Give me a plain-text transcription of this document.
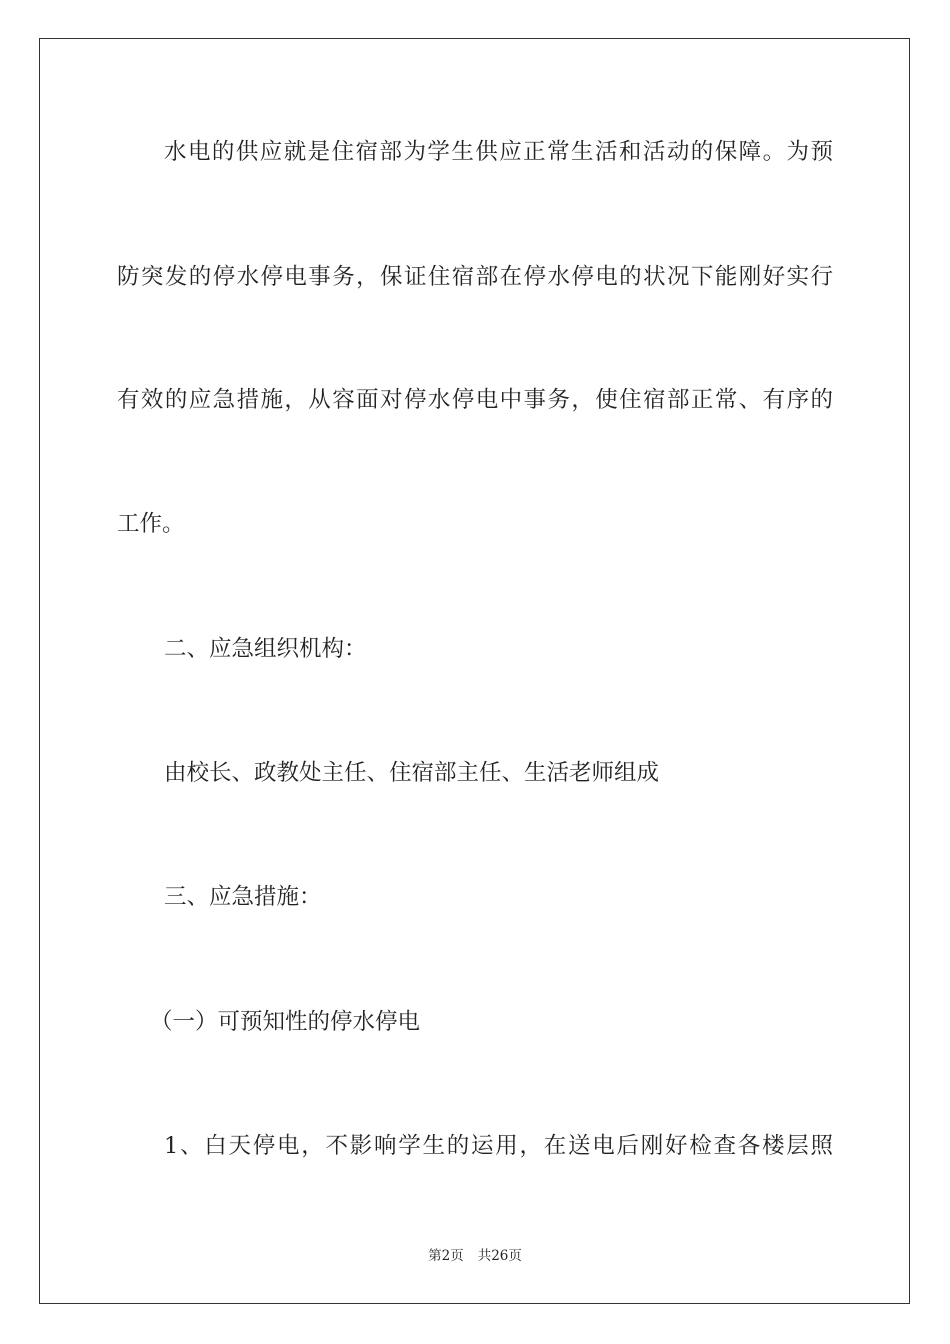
水电的供应就是住宿部为学生供应正常生活和活动的保障。为预

防突发的停水停电事务，保证住宿部在停水停电的状况下能刚好实行

有效的应急措施，从容面对停水停电中事务，使住宿部正常、有序的

工作。

二、应急组织机构：

由校长、政教处主任、住宿部主任、生活老师组成

三、应急措施：

（一）可预知性的停水停电

1、白天停电，不影响学生的运用，在送电后刚好检查各楼层照

第2页 共26页
